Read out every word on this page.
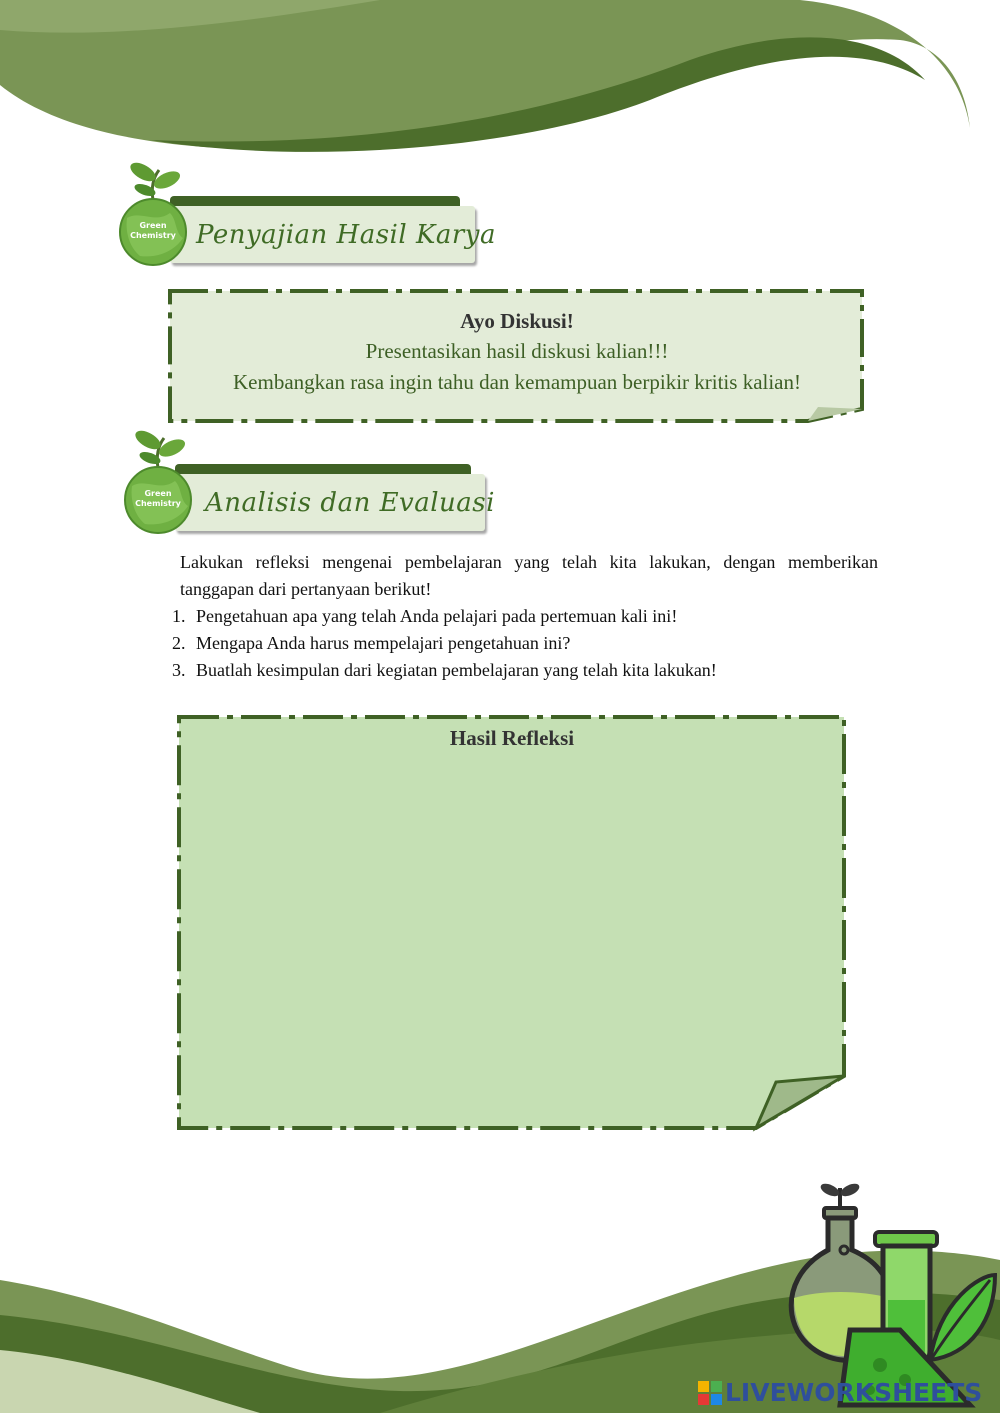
Penyajian Hasil Karya
Green
Chemistry

Ayo Diskusi!

Presentasikan hasil diskusi kalian!!!

Kembangkan rasa ingin tahu dan kemampuan berpikir kritis kalian!

Analisis dan Evaluasi
Green
Chemistry

Lakukan refleksi mengenai pembelajaran yang telah kita lakukan, dengan memberikan tanggapan dari pertanyaan berikut!

1. Pengetahuan apa yang telah Anda pelajari pada pertemuan kali ini!
2. Mengapa Anda harus mempelajari pengetahuan ini?
3. Buatlah kesimpulan dari kegiatan pembelajaran yang telah kita lakukan!
Hasil Refleksi
LIVEWORKSHEETS
